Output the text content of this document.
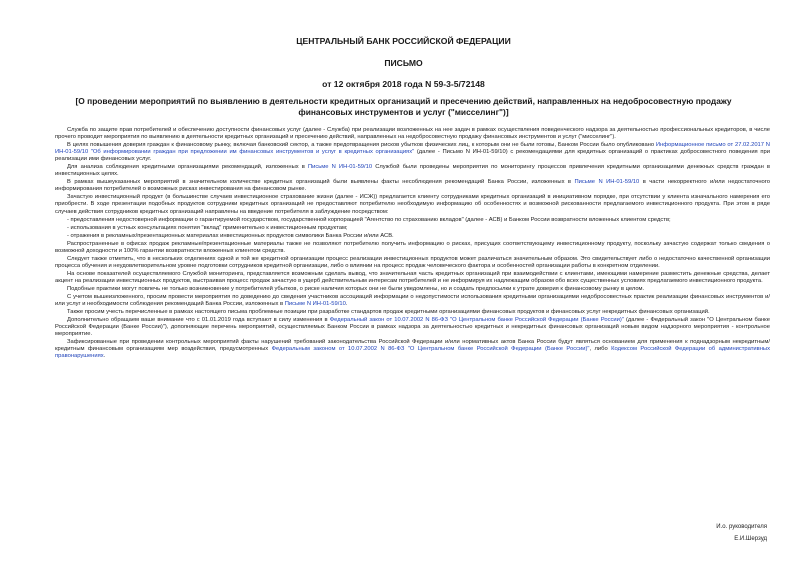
ЦЕНТРАЛЬНЫЙ БАНК РОССИЙСКОЙ ФЕДЕРАЦИИ
ПИСЬМО
от 12 октября 2018 года N 59-3-5/72148
[О проведении мероприятий по выявлению в деятельности кредитных организаций и пресечению действий, направленных на недобросовестную продажу
финансовых инструментов и услуг ("мисселинг")]

Служба по защите прав потребителей и обеспечению доступности финансовых услуг (далее - Служба) при реализации возложенных на нее задач в рамках осуществления поведенческого надзора за деятельностью профессиональных кредиторов, в числе прочего проводит мероприятия по выявлению в деятельности кредитных организаций и пресечению действий, направленных на недобросовестную продажу финансовых инструментов и услуг ("мисселинг").

В целях повышения доверия граждан к финансовому рынку, включая банковский сектор, а также предотвращения рисков убытков физических лиц, к которым они не были готовы, Банком России было опубликовано Информационное письмо от 27.02.2017 N ИН-01-59/10 "Об информировании граждан при предложении им финансовых инструментов и услуг в кредитных организациях" (далее - Письмо N ИН-01-59/10) с рекомендациями для кредитных организаций о практиках добросовестного поведения при реализации ими финансовых услуг.

Для анализа соблюдения кредитными организациями рекомендаций, изложенных в Письме N ИН-01-59/10 Службой были проведены мероприятия по мониторингу процессов привлечения кредитными организациями денежных средств граждан в инвестиционных целях.

В рамках вышеуказанных мероприятий в значительном количестве кредитных организаций были выявлены факты несоблюдения рекомендаций Банка России, изложенных в Письме N ИН-01-59/10 в части некорректного и/или недостаточного информирования потребителей о возможных рисках инвестирования на финансовом рынке.

Зачастую инвестиционный продукт (в большинстве случаев инвестиционное страхование жизни (далее - ИСЖ)) предлагается клиенту сотрудниками кредитных организаций в инициативном порядке, при отсутствии у клиента изначального намерения его приобрести. В ходе презентации подобных продуктов сотрудники кредитных организаций не предоставляют потребителю необходимую информацию об особенностях и возможной рискованности предлагаемого инвестиционного продукта. При этом в ряде случаев действия сотрудников кредитных организаций направлены на введение потребителя в заблуждение посредством:

- предоставления недостоверной информации о гарантируемой государством, государственной корпорацией "Агентство по страхованию вкладов" (далее - АСВ) и Банком России возвратности вложенных клиентом средств;

- использования в устных консультациях понятия "вклад" применительно к инвестиционным продуктам;

- отражения в рекламных/презентационных материалах инвестиционных продуктов символики Банка России и/или АСВ.

Распространенные в офисах продаж рекламные/презентационные материалы также не позволяют потребителю получить информацию о рисках, присущих соответствующему инвестиционному продукту, поскольку зачастую содержат только сведения о возможной доходности и 100% гарантии возвратности вложенных клиентом средств.

Следует также отметить, что в нескольких отделениях одной и той же кредитной организации процесс реализации инвестиционных продуктов может различаться значительным образом. Это свидетельствует либо о недостаточно качественной организации процесса обучения и неудовлетворительном уровне подготовки сотрудников кредитной организации, либо о влиянии на процесс продаж человеческого фактора и особенностей организации работы в конкретном отделении.

На основе показателей осуществляемого Службой мониторинга, представляется возможным сделать вывод, что значительная часть кредитных организаций при взаимодействии с клиентами, имеющими намерение разместить денежные средства, делает акцент на реализации инвестиционных продуктов, выстраивая процесс продаж зачастую в ущерб действительным интересам потребителей и не информируя их надлежащим образом обо всех существенных условиях предлагаемого инвестиционного продукта.

Подобные практики могут повлечь не только возникновение у потребителей убытков, о риске наличия которых они не были уведомлены, но и создать предпосылки к утрате доверия к финансовому рынку в целом.

С учетом вышеизложенного, просим провести мероприятия по доведению до сведения участников ассоциаций информации о недопустимости использования кредитными организациями недобросовестных практик реализации финансовых инструментов и/или услуг и необходимости соблюдения рекомендаций Банка России, изложенных в Письме N ИН-01-59/10.

Также просим учесть перечисленные в рамках настоящего письма проблемные позиции при разработке стандартов продаж кредитными организациями финансовых продуктов и финансовых услуг некредитных финансовых организаций.

Дополнительно обращаем ваше внимание что с 01.01.2019 года вступают в силу изменения в Федеральный закон от 10.07.2002 N 86-ФЗ "О Центральном банке Российской Федерации (Банке России)" (далее - Федеральный закон "О Центральном банке Российской Федерации (Банке России)"), дополняющие перечень мероприятий, осуществляемых Банком России в рамках надзора за деятельностью кредитных и некредитных финансовых организаций новым видом надзорного мероприятия - контрольное мероприятие.

Зафиксированные при проведении контрольных мероприятий факты нарушений требований законодательства Российской Федерации и/или нормативных актов Банка России будут являться основанием для применения к поднадзорным некредитным/кредитным финансовым организациям мер воздействия, предусмотренных Федеральным законом от 10.07.2002 N 86-ФЗ "О Центральном банке Российской Федерации (Банке России)", либо Кодексом Российской Федерации об административных правонарушениях.

И.о. руководителя
Е.И.Шерзуд
